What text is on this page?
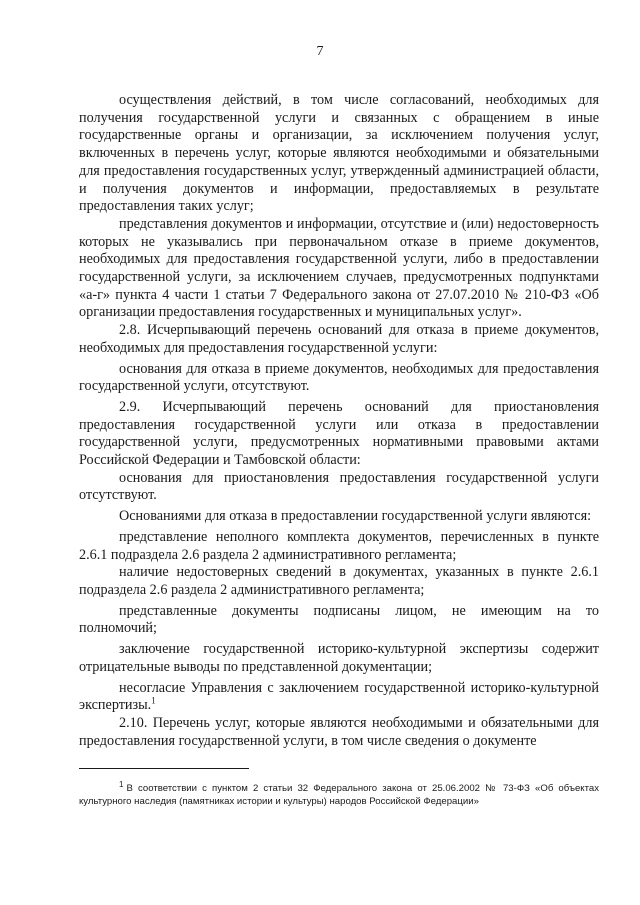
7

осуществления действий, в том числе согласований, необходимых для получения государственной услуги и связанных с обращением в иные государственные органы и организации, за исключением получения услуг, включенных в перечень услуг, которые являются необходимыми и обязательными для предоставления государственных услуг, утвержденный администрацией области, и получения документов и информации, предоставляемых в результате предоставления таких услуг;

представления документов и информации, отсутствие и (или) недостоверность которых не указывались при первоначальном отказе в приеме документов, необходимых для предоставления государственной услуги, либо в предоставлении государственной услуги, за исключением случаев, предусмотренных подпунктами «а-г» пункта 4 части 1 статьи 7 Федерального закона от 27.07.2010 № 210-ФЗ «Об организации предоставления государственных и муниципальных услуг».

2.8. Исчерпывающий перечень оснований для отказа в приеме документов, необходимых для предоставления государственной услуги:

основания для отказа в приеме документов, необходимых для предоставления государственной услуги, отсутствуют.

2.9. Исчерпывающий перечень оснований для приостановления предоставления государственной услуги или отказа в предоставлении государственной услуги, предусмотренных нормативными правовыми актами Российской Федерации и Тамбовской области:

основания для приостановления предоставления государственной услуги отсутствуют.

Основаниями для отказа в предоставлении государственной услуги являются:

представление неполного комплекта документов, перечисленных в пункте 2.6.1 подраздела 2.6 раздела 2 административного регламента;

наличие недостоверных сведений в документах, указанных в пункте 2.6.1 подраздела 2.6 раздела 2 административного регламента;

представленные документы подписаны лицом, не имеющим на то полномочий;

заключение государственной историко-культурной экспертизы содержит отрицательные выводы по представленной документации;

несогласие Управления с заключением государственной историко-культурной экспертизы.$^1$

2.10. Перечень услуг, которые являются необходимыми и обязательными для предоставления государственной услуги, в том числе сведения о документе

$^1$ В соответствии с пунктом 2 статьи 32 Федерального закона от 25.06.2002 № 73-ФЗ «Об объектах культурного наследия (памятниках истории и культуры) народов Российской Федерации»
